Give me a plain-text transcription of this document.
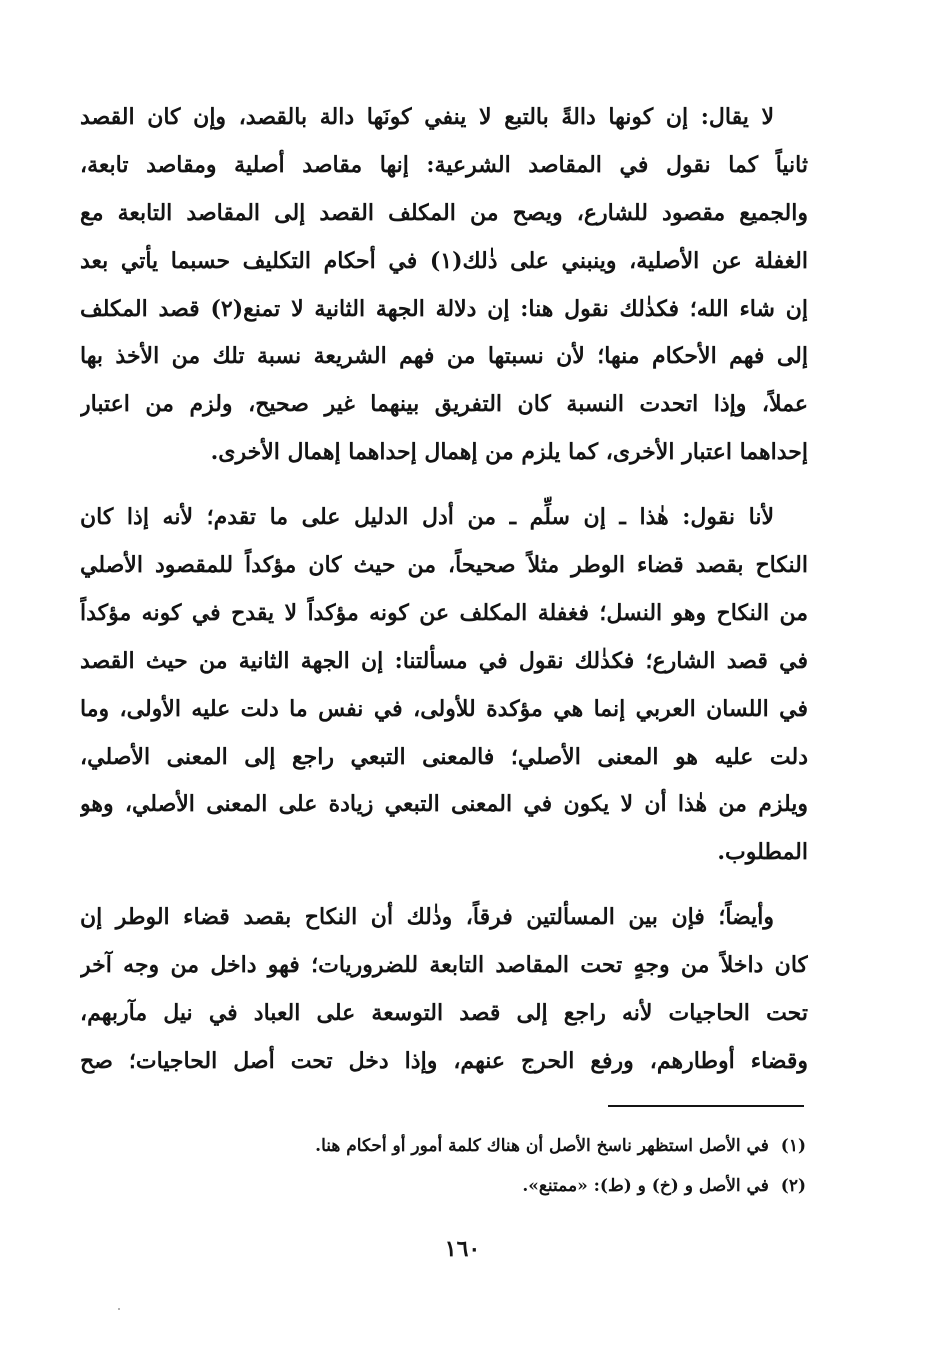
لا يقال: إن كونها دالةً بالتبع لا ينفي كونَها دالة بالقصد، وإن كان القصد
ثانياً كما نقول في المقاصد الشرعية: إنها مقاصد أصلية ومقاصد تابعة،
والجميع مقصود للشارع، ويصح من المكلف القصد إلى المقاصد التابعة مع
الغفلة عن الأصلية، وينبني على ذٰلك(١) في أحكام التكليف حسبما يأتي بعد
إن شاء الله؛ فكذٰلك نقول هنا: إن دلالة الجهة الثانية لا تمنع(٢) قصد المكلف
إلى فهم الأحكام منها؛ لأن نسبتها من فهم الشريعة نسبة تلك من الأخذ بها
عملاً، وإذا اتحدت النسبة كان التفريق بينهما غير صحيح، ولزم من اعتبار
إحداهما اعتبار الأخرى، كما يلزم من إهمال إحداهما إهمال الأخرى.
لأنا نقول: هٰذا ـ إن سلِّم ـ من أدل الدليل على ما تقدم؛ لأنه إذا كان
النكاح بقصد قضاء الوطر مثلاً صحيحاً، من حيث كان مؤكداً للمقصود الأصلي
من النكاح وهو النسل؛ فغفلة المكلف عن كونه مؤكداً لا يقدح في كونه مؤكداً
في قصد الشارع؛ فكذٰلك نقول في مسألتنا: إن الجهة الثانية من حيث القصد
في اللسان العربي إنما هي مؤكدة للأولى، في نفس ما دلت عليه الأولى، وما
دلت عليه هو المعنى الأصلي؛ فالمعنى التبعي راجع إلى المعنى الأصلي،
ويلزم من هٰذا أن لا يكون في المعنى التبعي زيادة على المعنى الأصلي، وهو
المطلوب.
وأيضاً؛ فإن بين المسألتين فرقاً، وذٰلك أن النكاح بقصد قضاء الوطر إن
كان داخلاً من وجهٍ تحت المقاصد التابعة للضروريات؛ فهو داخل من وجه آخر
تحت الحاجيات لأنه راجع إلى قصد التوسعة على العباد في نيل مآربهم،
وقضاء أوطارهم، ورفع الحرج عنهم، وإذا دخل تحت أصل الحاجيات؛ صح
(١) في الأصل استظهر ناسخ الأصل أن هناك كلمة أمور أو أحكام هنا.
(٢) في الأصل و (خ) و (ط): «ممتنع».
١٦٠
